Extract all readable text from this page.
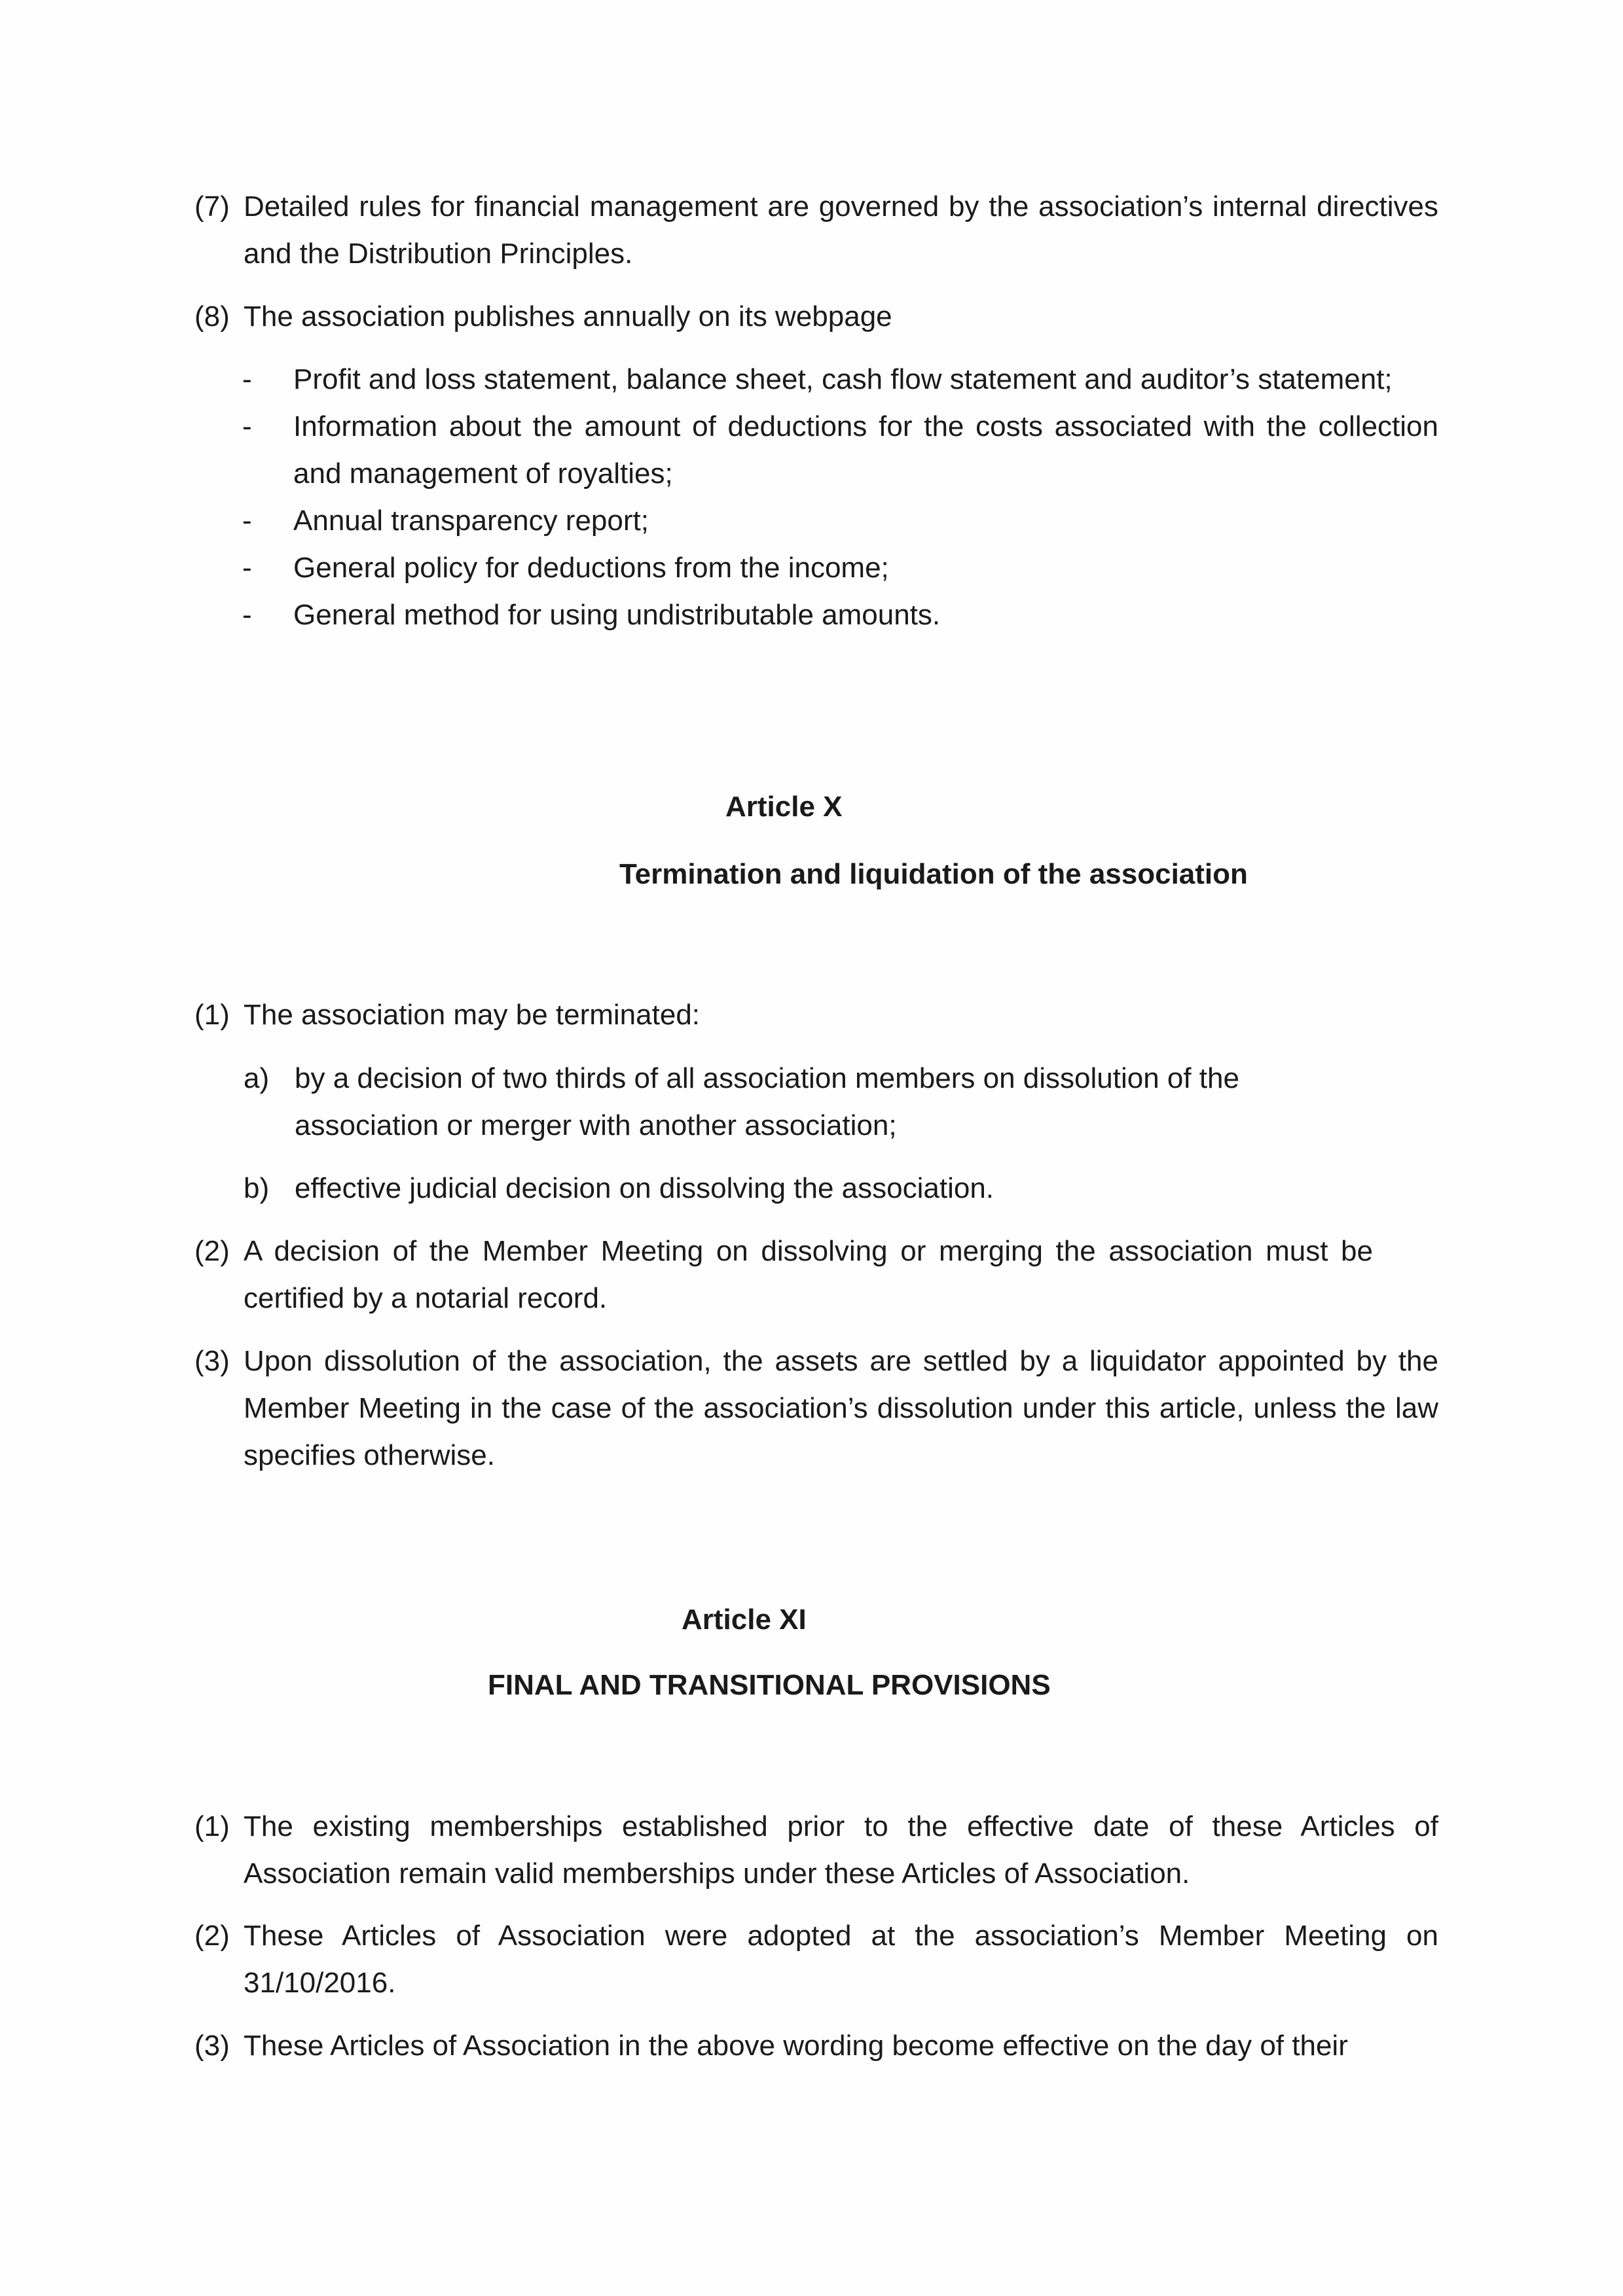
(7) Detailed rules for financial management are governed by the association’s internal directives and the Distribution Principles.
(8) The association publishes annually on its webpage
- Profit and loss statement, balance sheet, cash flow statement and auditor’s statement;
- Information about the amount of deductions for the costs associated with the collection and management of royalties;
- Annual transparency report;
- General policy for deductions from the income;
- General method for using undistributable amounts.
Article X
Termination and liquidation of the association
(1) The association may be terminated:
a) by a decision of two thirds of all association members on dissolution of the association or merger with another association;
b) effective judicial decision on dissolving the association.
(2) A decision of the Member Meeting on dissolving or merging the association must be certified by a notarial record.
(3) Upon dissolution of the association, the assets are settled by a liquidator appointed by the Member Meeting in the case of the association’s dissolution under this article, unless the law specifies otherwise.
Article XI
FINAL AND TRANSITIONAL PROVISIONS
(1) The existing memberships established prior to the effective date of these Articles of Association remain valid memberships under these Articles of Association.
(2) These Articles of Association were adopted at the association’s Member Meeting on 31/10/2016.
(3) These Articles of Association in the above wording become effective on the day of their
